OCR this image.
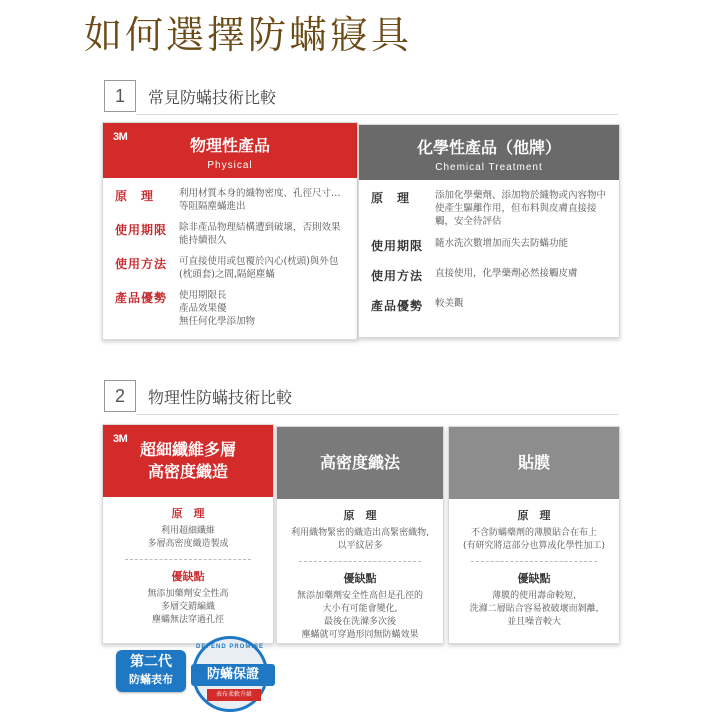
如何選擇防蟎寢具
1	常見防蟎技術比較
3M	物理性產品
Physical
原　理	利用材質本身的織物密度、孔徑尺寸…等阻隔塵蟎進出
使用期限	除非產品物理結構遭到破壞，否則效果能持續很久
使用方法	可直接使用或包覆於內心(枕頭)與外包(枕頭套)之間,隔絕塵蟎
產品優勢	使用期限長
產品效果優
無任何化學添加物
化學性產品（他牌）
Chemical Treatment
原　理	添加化學藥劑、添加物於織物或內容物中使產生驅離作用，但布料與皮膚直接接觸，安全待評估
使用期限	隨水洗次數增加而失去防蟎功能
使用方法	直接使用，化學藥劑必然接觸皮膚
產品優勢	較美觀
2	物理性防蟎技術比較
3M
超細纖維多層
高密度織造
原　理
利用超細纖維
多層高密度織造製成
優缺點
無添加藥劑安全性高
多層交錯編織
塵蟎無法穿過孔徑
高密度織法
原　理
利用織物緊密的織造出高緊密織物,
以平紋居多
優缺點
無添加藥劑安全性高但是孔徑的
大小有可能會變化,
最後在洗滌多次後
塵蟎就可穿過形同無防蟎效果
貼膜
原　理
不含防蟎藥劑的薄膜貼合在布上
(有研究將這部分也算成化學性加工)
優缺點
薄膜的使用壽命較短,
洗滌二層貼合容易被破壞而剝離,
並且噪音較大
第二代
防蟎表布
DEFEND PROMISE
防蟎保證
表布柔軟升級
